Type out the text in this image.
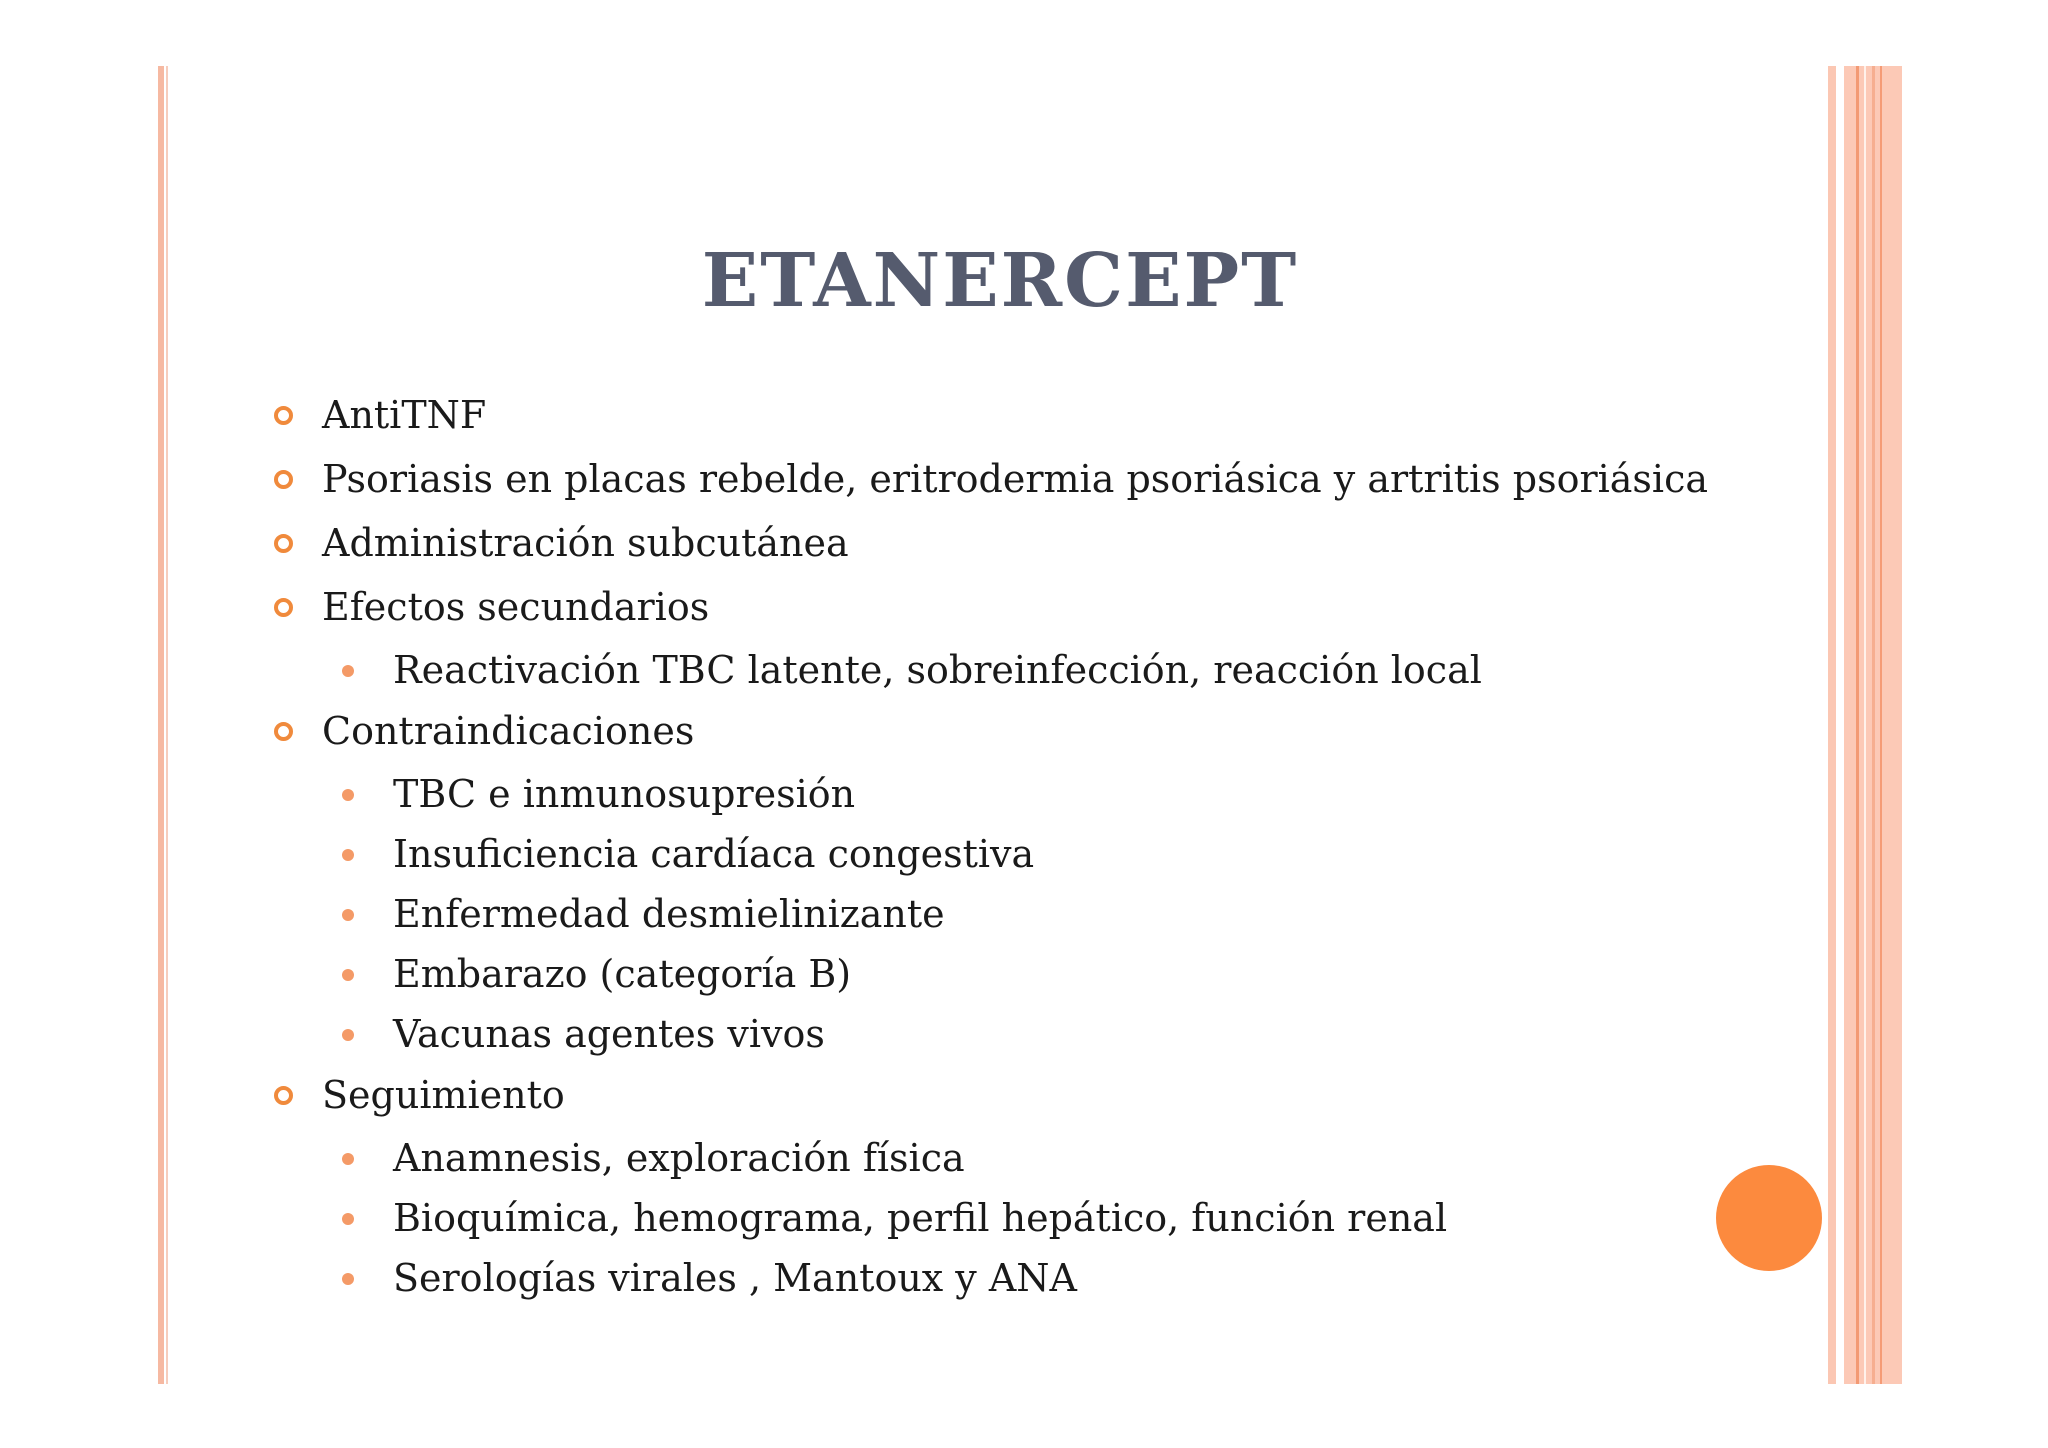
ETANERCEPT
AntiTNF
Psoriasis en placas rebelde, eritrodermia psoriásica y artritis psoriásica
Administración subcutánea
Efectos secundarios
Reactivación TBC latente, sobreinfección, reacción local
Contraindicaciones
TBC e inmunosupresión
Insuficiencia cardíaca congestiva
Enfermedad desmielinizante
Embarazo (categoría B)
Vacunas agentes vivos
Seguimiento
Anamnesis, exploración física
Bioquímica, hemograma, perfil hepático, función renal
Serologías virales , Mantoux y ANA
